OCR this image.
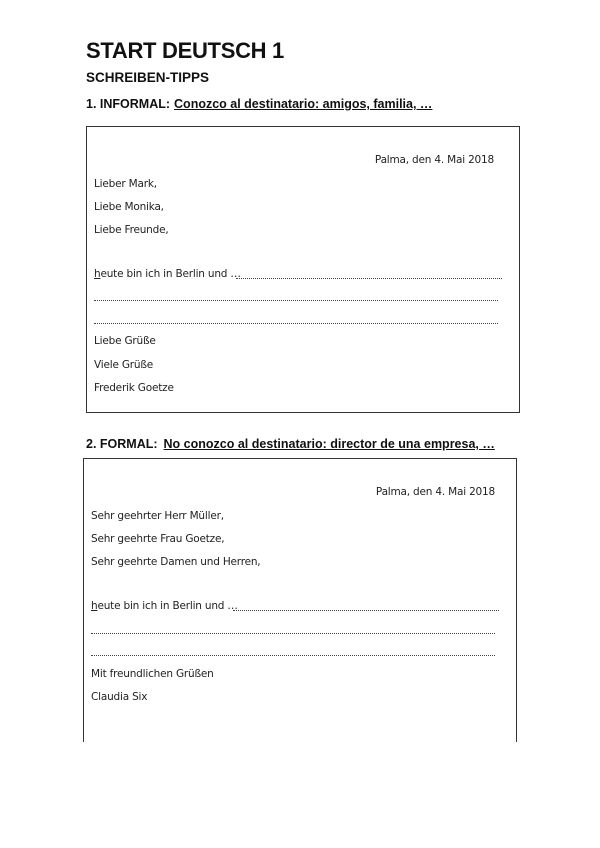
START DEUTSCH 1
SCHREIBEN-TIPPS
1. INFORMAL: Conozco al destinatario: amigos, familia, …
Palma, den 4. Mai 2018
Lieber Mark,
Liebe Monika,
Liebe Freunde,
heute bin ich in Berlin und …
Liebe Grüße
Viele Grüße
Frederik Goetze
2. FORMAL: No conozco al destinatario: director de una empresa, …
Palma, den 4. Mai 2018
Sehr geehrter Herr Müller,
Sehr geehrte Frau Goetze,
Sehr geehrte Damen und Herren,
heute bin ich in Berlin und …
Mit freundlichen Grüßen
Claudia Six
